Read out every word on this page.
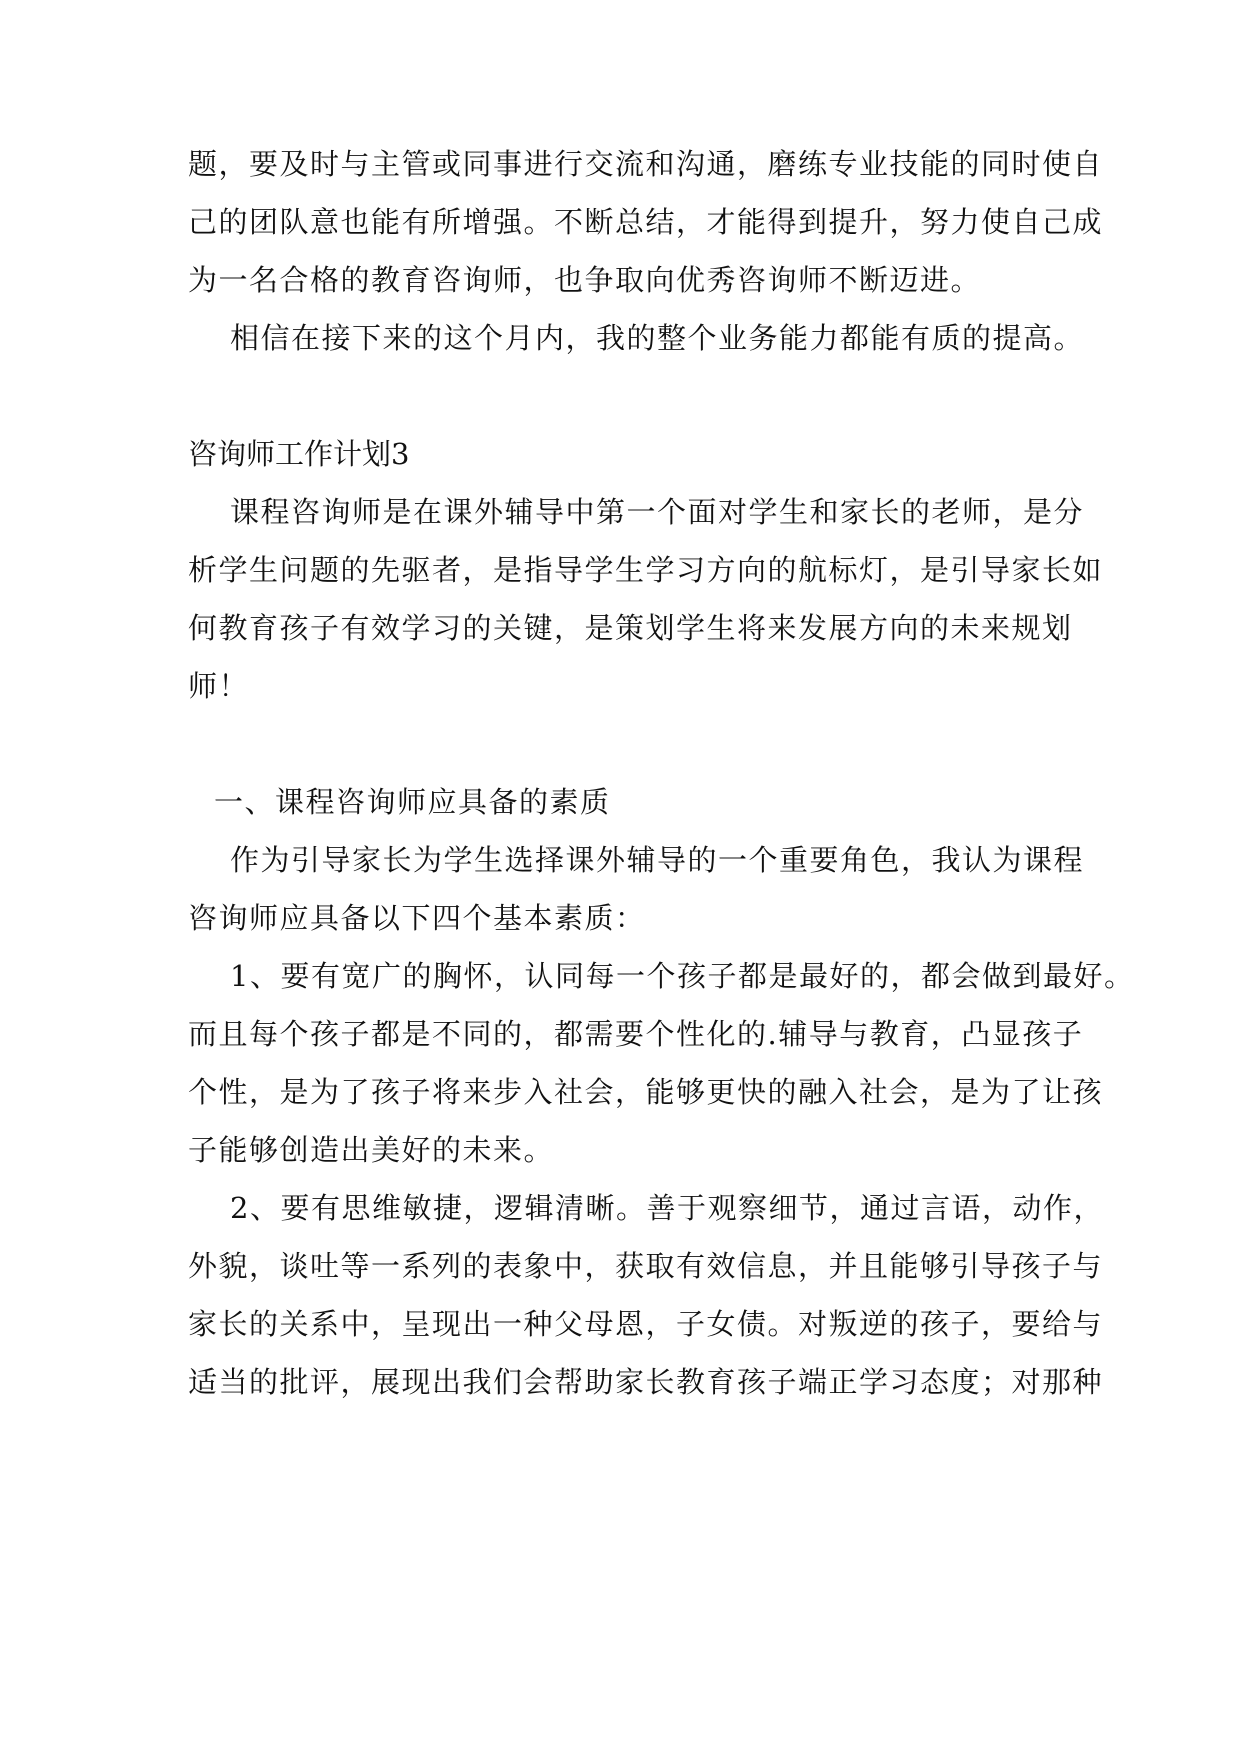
题，要及时与主管或同事进行交流和沟通，磨练专业技能的同时使自
己的团队意也能有所增强。不断总结，才能得到提升，努力使自己成
为一名合格的教育咨询师，也争取向优秀咨询师不断迈进。
相信在接下来的这个月内，我的整个业务能力都能有质的提高。
咨询师工作计划3
课程咨询师是在课外辅导中第一个面对学生和家长的老师，是分
析学生问题的先驱者，是指导学生学习方向的航标灯，是引导家长如
何教育孩子有效学习的关键，是策划学生将来发展方向的未来规划
师！
一、课程咨询师应具备的素质
作为引导家长为学生选择课外辅导的一个重要角色，我认为课程
咨询师应具备以下四个基本素质：
1、要有宽广的胸怀，认同每一个孩子都是最好的，都会做到最好。
而且每个孩子都是不同的，都需要个性化的.辅导与教育，凸显孩子
个性，是为了孩子将来步入社会，能够更快的融入社会，是为了让孩
子能够创造出美好的未来。
2、要有思维敏捷，逻辑清晰。善于观察细节，通过言语，动作，
外貌，谈吐等一系列的表象中，获取有效信息，并且能够引导孩子与
家长的关系中，呈现出一种父母恩，子女债。对叛逆的孩子，要给与
适当的批评，展现出我们会帮助家长教育孩子端正学习态度；对那种
